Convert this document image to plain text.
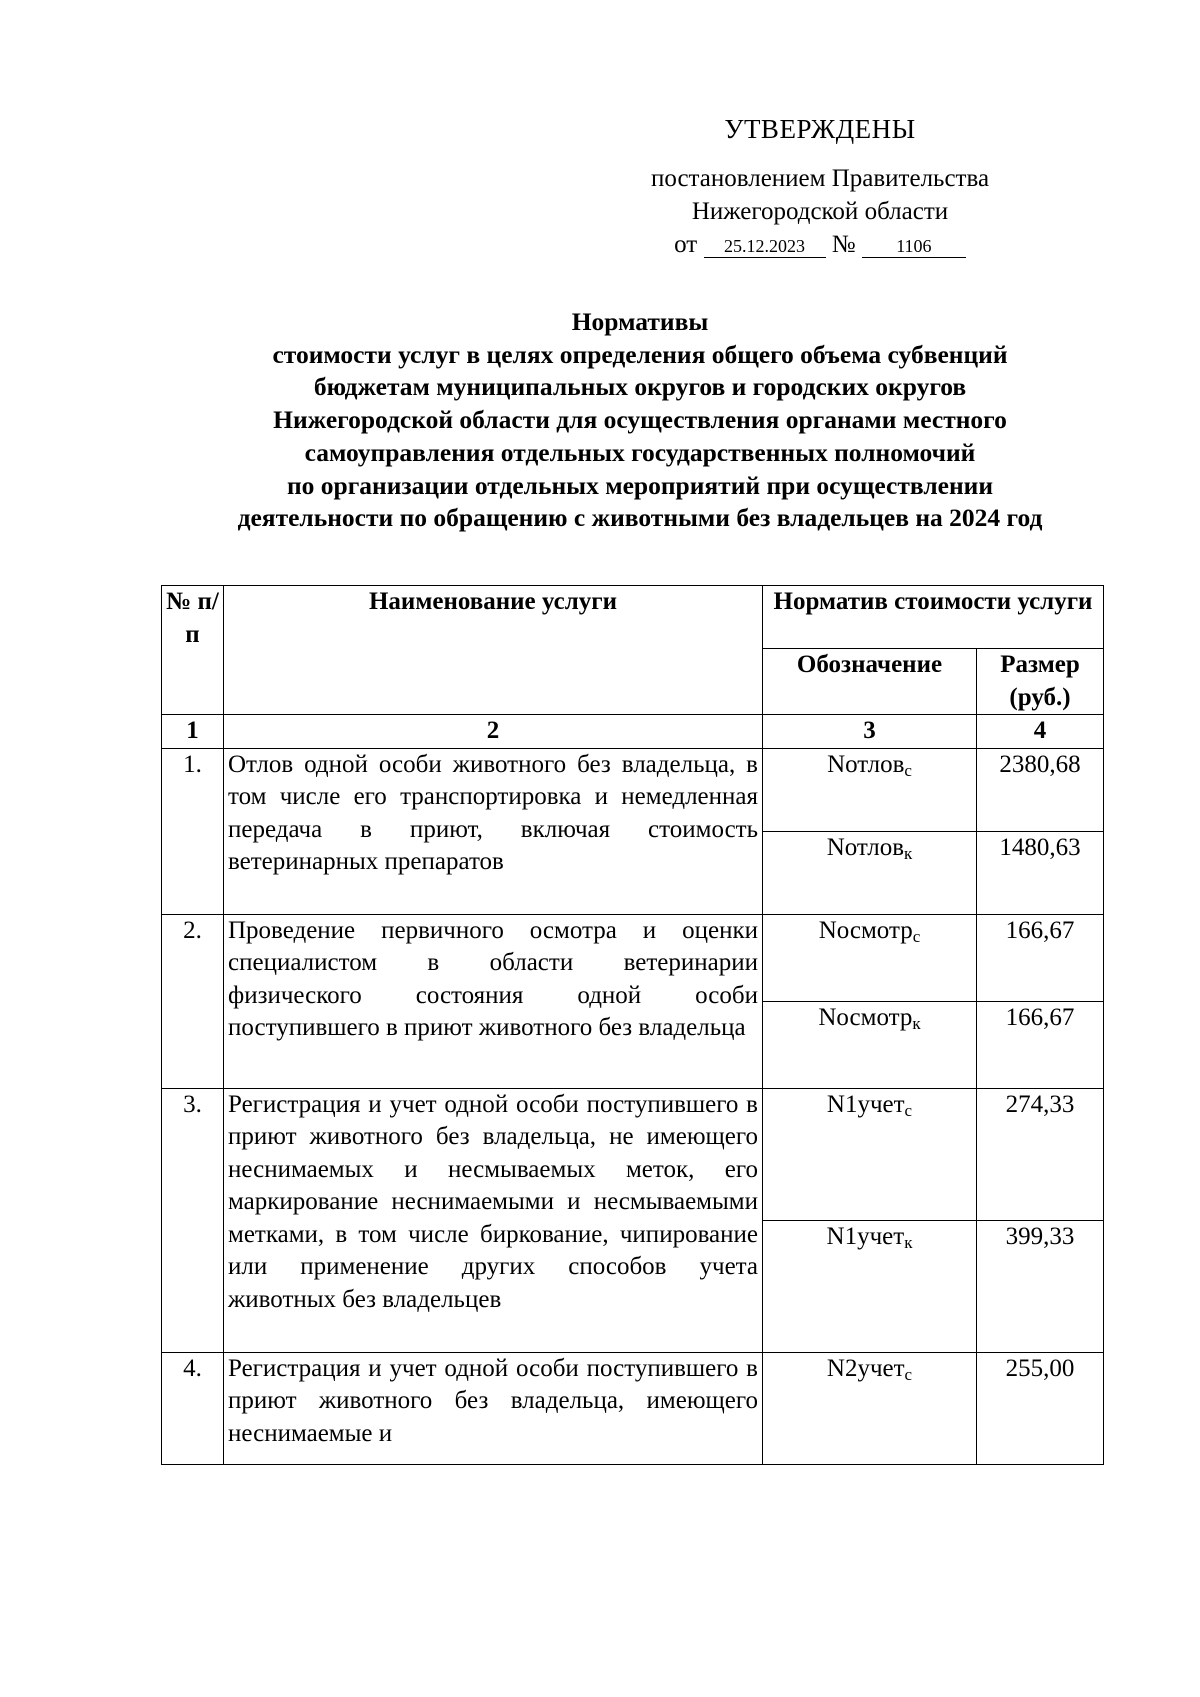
УТВЕРЖДЕНЫ
постановлением Правительства
Нижегородской области
от 25.12.2023 № 1106
Нормативы
стоимости услуг в целях определения общего объема субвенций
бюджетам муниципальных округов и городских округов
Нижегородской области для осуществления органами местного
самоуправления отдельных государственных полномочий
по организации отдельных мероприятий при осуществлении
деятельности по обращению с животными без владельцев на 2024 год
№ п/п	Наименование услуги	Норматив стоимости услуги	
		Обозначение	Размер (руб.)
1	2	3	4
1.	Отлов одной особи животного без владельца, в том числе его транспортировка и немедленная передача в приют, включая стоимость ветеринарных препаратов	Nотлов$_с$	2380,68
		Nотлов$_к$	1480,63
2.	Проведение первичного осмотра и оценки специалистом в области ветеринарии физического состояния одной особи поступившего в приют животного без владельца	Nосмотр$_с$	166,67
		Nосмотр$_к$	166,67
3.	Регистрация и учет одной особи поступившего в приют животного без владельца, не имеющего неснимаемых и несмываемых меток, его маркирование неснимаемыми и несмываемыми метками, в том числе биркование, чипирование или применение других способов учета животных без владельцев	N1учет$_с$	274,33
		N1учет$_к$	399,33
4.	Регистрация и учет одной особи поступившего в приют животного без владельца, имеющего неснимаемые и	N2учет$_с$	255,00
